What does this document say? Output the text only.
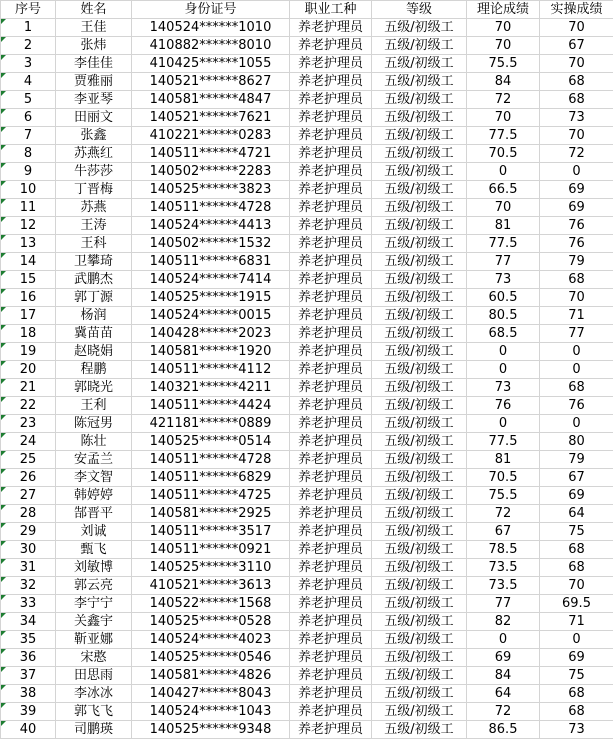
序号	姓名	身份证号	职业工种	等级	理论成绩	实操成绩

1	王佳	140524******1010	养老护理员	五级/初级工	70	70

2	张炜	410882******8010	养老护理员	五级/初级工	70	67

3	李佳佳	410425******1055	养老护理员	五级/初级工	75.5	70

4	贾雅丽	140521******8627	养老护理员	五级/初级工	84	68

5	李亚琴	140581******4847	养老护理员	五级/初级工	72	68

6	田丽文	140521******7621	养老护理员	五级/初级工	70	73

7	张鑫	410221******0283	养老护理员	五级/初级工	77.5	70

8	苏燕红	140511******4721	养老护理员	五级/初级工	70.5	72

9	牛莎莎	140502******2283	养老护理员	五级/初级工	0	0

10	丁晋梅	140525******3823	养老护理员	五级/初级工	66.5	69

11	苏燕	140511******4728	养老护理员	五级/初级工	70	69

12	王涛	140524******4413	养老护理员	五级/初级工	81	76

13	王科	140502******1532	养老护理员	五级/初级工	77.5	76

14	卫攀琦	140511******6831	养老护理员	五级/初级工	77	79

15	武鹏杰	140524******7414	养老护理员	五级/初级工	73	68

16	郭丁源	140525******1915	养老护理员	五级/初级工	60.5	70

17	杨润	140524******0015	养老护理员	五级/初级工	80.5	71

18	冀苗苗	140428******2023	养老护理员	五级/初级工	68.5	77

19	赵晓娟	140581******1920	养老护理员	五级/初级工	0	0

20	程鹏	140511******4112	养老护理员	五级/初级工	0	0

21	郭晓光	140321******4211	养老护理员	五级/初级工	73	68

22	王利	140511******4424	养老护理员	五级/初级工	76	76

23	陈冠男	421181******0889	养老护理员	五级/初级工	0	0

24	陈壮	140525******0514	养老护理员	五级/初级工	77.5	80

25	安孟兰	140511******4728	养老护理员	五级/初级工	81	79

26	李文智	140511******6829	养老护理员	五级/初级工	70.5	67

27	韩婷婷	140511******4725	养老护理员	五级/初级工	75.5	69

28	郜晋平	140581******2925	养老护理员	五级/初级工	72	64

29	刘诚	140511******3517	养老护理员	五级/初级工	67	75

30	甄飞	140511******0921	养老护理员	五级/初级工	78.5	68

31	刘敏博	140525******3110	养老护理员	五级/初级工	73.5	68

32	郭云亮	410521******3613	养老护理员	五级/初级工	73.5	70

33	李宁宁	140522******1568	养老护理员	五级/初级工	77	69.5

34	关鑫宇	140525******0528	养老护理员	五级/初级工	82	71

35	靳亚娜	140524******4023	养老护理员	五级/初级工	0	0

36	宋憨	140525******0546	养老护理员	五级/初级工	69	69

37	田思雨	140581******4826	养老护理员	五级/初级工	84	75

38	李冰冰	140427******8043	养老护理员	五级/初级工	64	68

39	郭飞飞	140524******1043	养老护理员	五级/初级工	72	68

40	司鹏瑛	140525******9348	养老护理员	五级/初级工	86.5	73
